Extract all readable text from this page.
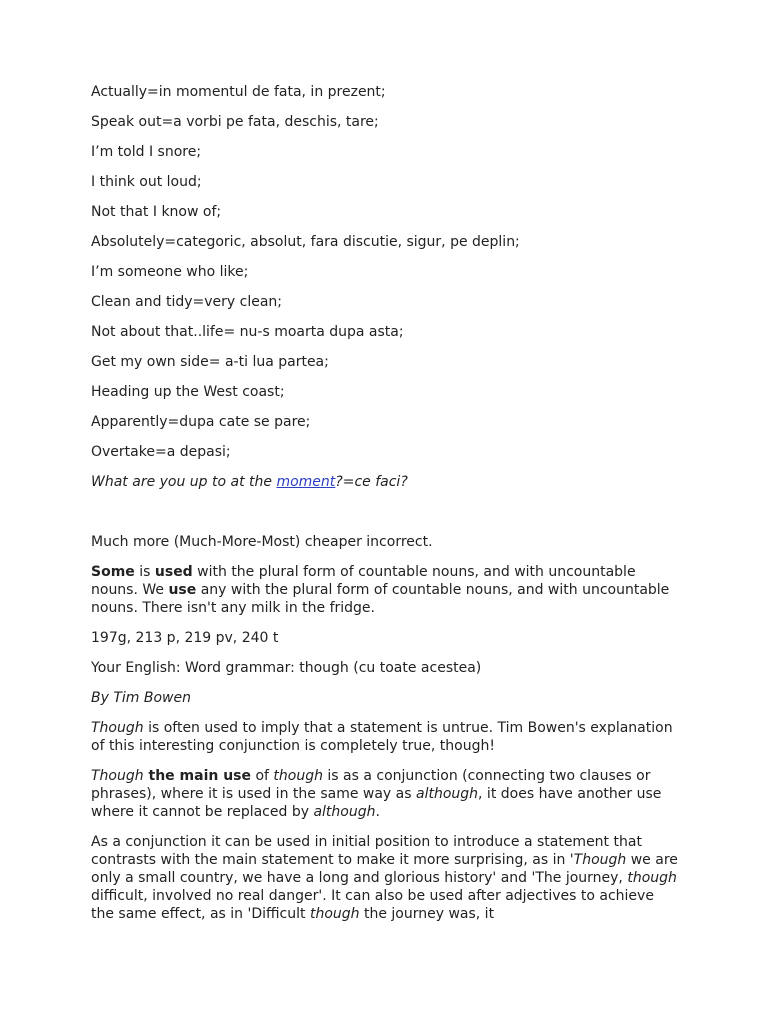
Actually=in momentul de fata, in prezent;
Speak out=a vorbi pe fata, deschis, tare;
I’m told I snore;
I think out loud;
Not that I know of;
Absolutely=categoric, absolut, fara discutie, sigur, pe deplin;
I’m someone who like;
Clean and tidy=very clean;
Not about that..life= nu-s moarta dupa asta;
Get my own side= a-ti lua partea;
Heading up the West coast;
Apparently=dupa cate se pare;
Overtake=a depasi;
What are you up to at the moment?=ce faci?
Much more (Much-More-Most) cheaper incorrect.
Some is used with the plural form of countable nouns, and with uncountable nouns. We use any with the plural form of countable nouns, and with uncountable nouns. There isn't any milk in the fridge.
197g, 213 p, 219 pv, 240 t
Your English: Word grammar: though (cu toate acestea)
By Tim Bowen
Though is often used to imply that a statement is untrue. Tim Bowen's explanation of this interesting conjunction is completely true, though!
Though the main use of though is as a conjunction (connecting two clauses or phrases), where it is used in the same way as although, it does have another use where it cannot be replaced by although.
As a conjunction it can be used in initial position to introduce a statement that contrasts with the main statement to make it more surprising, as in 'Though we are only a small country, we have a long and glorious history' and 'The journey, though difficult, involved no real danger'. It can also be used after adjectives to achieve the same effect, as in 'Difficult though the journey was, it
